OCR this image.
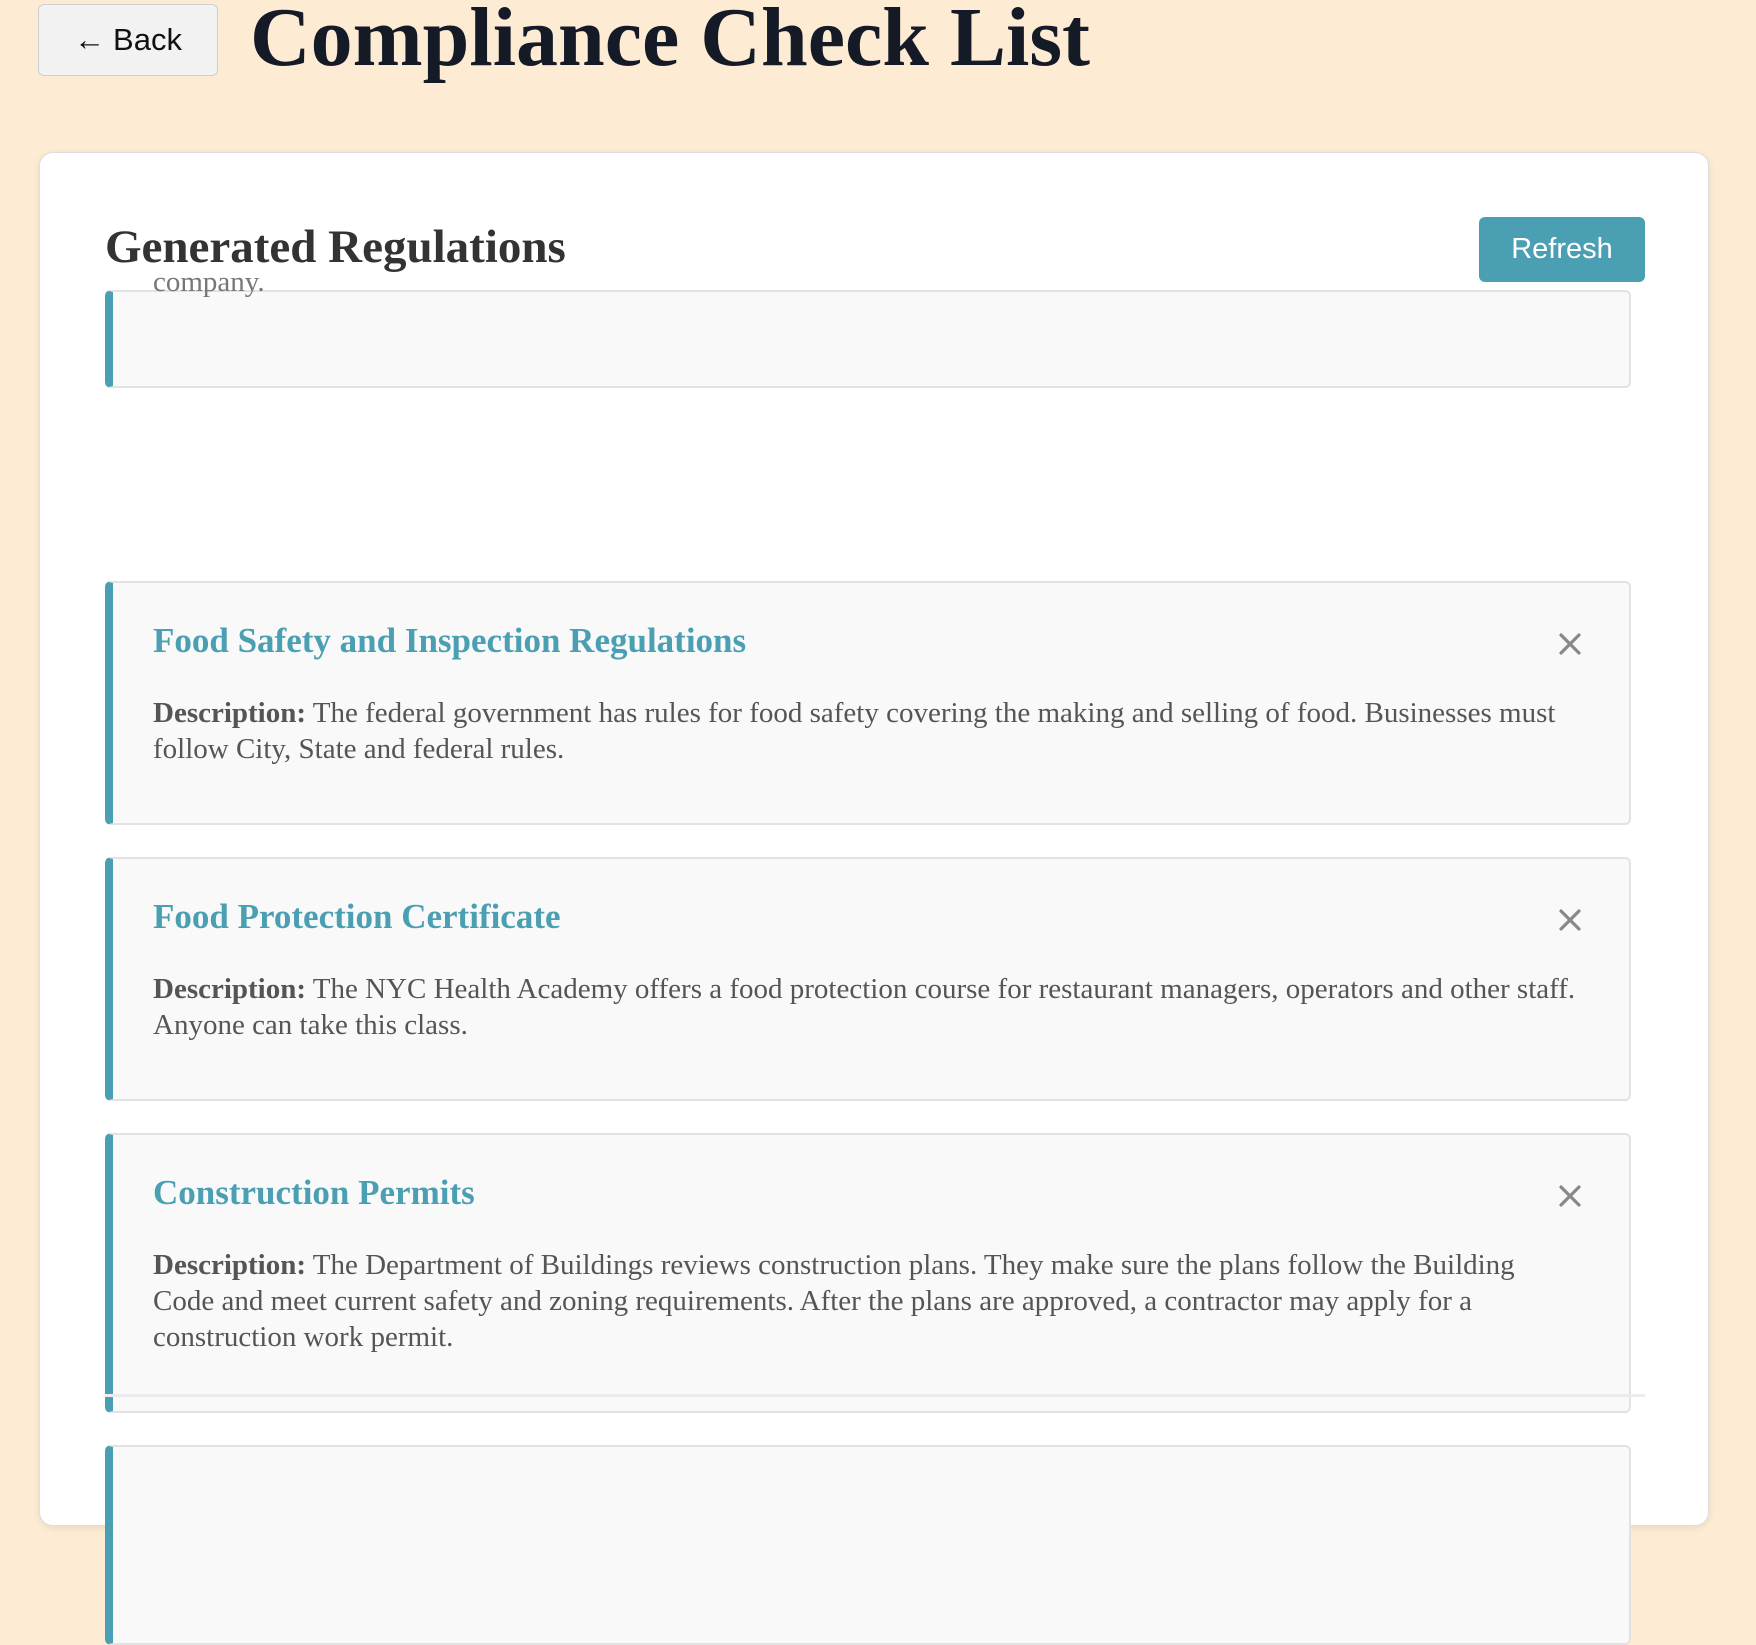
← Back Compliance Check List
Generated Regulations	Refresh
company.
Food Safety and Inspection Regulations

Description: The federal government has rules for food safety covering the making and selling of food. Businesses must follow City, State and federal rules.

Food Protection Certificate

Description: The NYC Health Academy offers a food protection course for restaurant managers, operators and other staff. Anyone can take this class.

Construction Permits

Description: The Department of Buildings reviews construction plans. They make sure the plans follow the Building Code and meet current safety and zoning requirements. After the plans are approved, a contractor may apply for a construction work permit.
